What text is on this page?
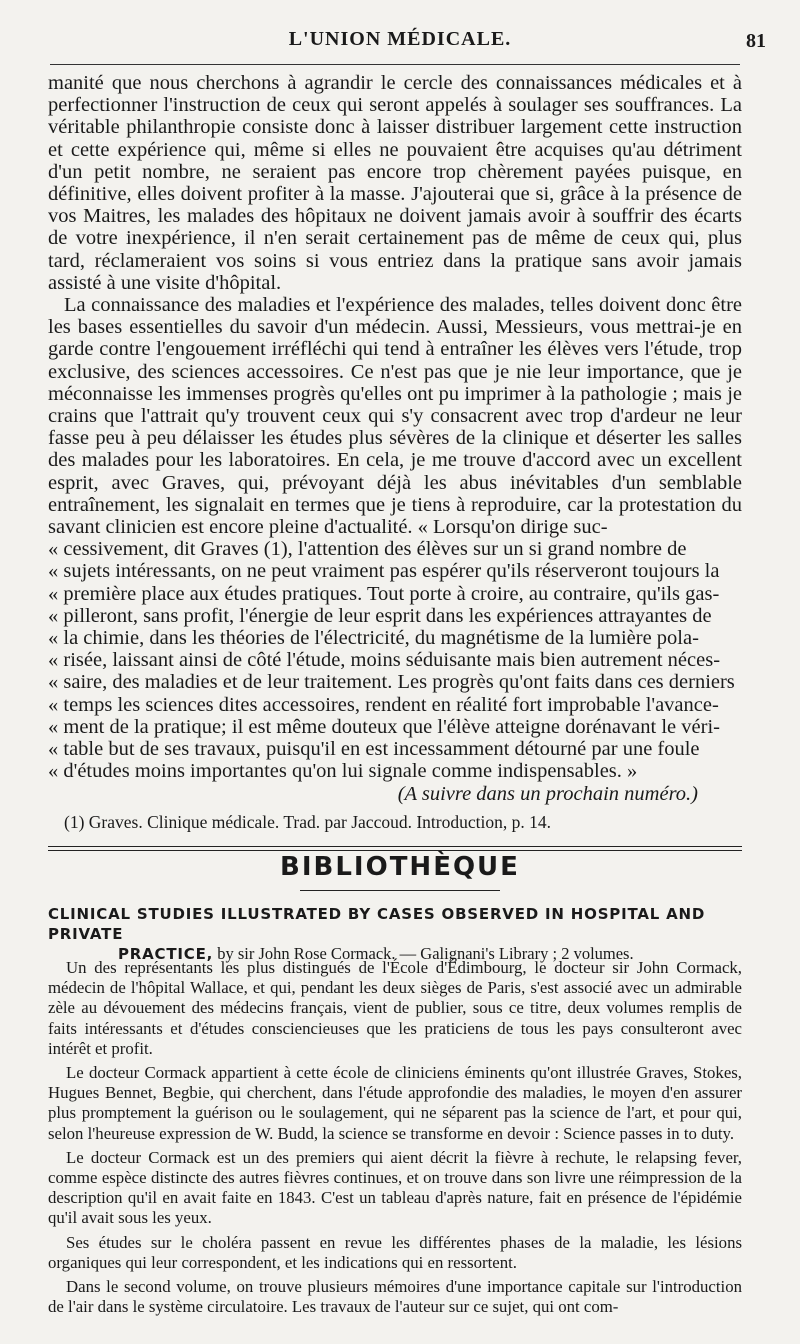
L'UNION MÉDICALE.	81

manité que nous cherchons à agrandir le cercle des connaissances médicales et à perfectionner l'instruction de ceux qui seront appelés à soulager ses souffrances. La véritable philanthropie consiste donc à laisser distribuer largement cette instruction et cette expérience qui, même si elles ne pouvaient être acquises qu'au détriment d'un petit nombre, ne seraient pas encore trop chèrement payées puisque, en définitive, elles doivent profiter à la masse. J'ajouterai que si, grâce à la présence de vos Maitres, les malades des hôpitaux ne doivent jamais avoir à souffrir des écarts de votre inexpérience, il n'en serait certainement pas de même de ceux qui, plus tard, réclameraient vos soins si vous entriez dans la pratique sans avoir jamais assisté à une visite d'hôpital.

La connaissance des maladies et l'expérience des malades, telles doivent donc être les bases essentielles du savoir d'un médecin. Aussi, Messieurs, vous mettrai-je en garde contre l'engouement irréfléchi qui tend à entraîner les élèves vers l'étude, trop exclusive, des sciences accessoires. Ce n'est pas que je nie leur importance, que je méconnaisse les immenses progrès qu'elles ont pu imprimer à la pathologie ; mais je crains que l'attrait qu'y trouvent ceux qui s'y consacrent avec trop d'ardeur ne leur fasse peu à peu délaisser les études plus sévères de la clinique et déserter les salles des malades pour les laboratoires. En cela, je me trouve d'accord avec un excellent esprit, avec Graves, qui, prévoyant déjà les abus inévitables d'un semblable entraînement, les signalait en termes que je tiens à reproduire, car la protestation du savant clinicien est encore pleine d'actualité. « Lorsqu'on dirige suc-

« cessivement, dit Graves (1), l'attention des élèves sur un si grand nombre de
« sujets intéressants, on ne peut vraiment pas espérer qu'ils réserveront toujours la
« première place aux études pratiques. Tout porte à croire, au contraire, qu'ils gas-
« pilleront, sans profit, l'énergie de leur esprit dans les expériences attrayantes de
« la chimie, dans les théories de l'électricité, du magnétisme de la lumière pola-
« risée, laissant ainsi de côté l'étude, moins séduisante mais bien autrement néces-
« saire, des maladies et de leur traitement. Les progrès qu'ont faits dans ces derniers
« temps les sciences dites accessoires, rendent en réalité fort improbable l'avance-
« ment de la pratique; il est même douteux que l'élève atteigne dorénavant le véri-
« table but de ses travaux, puisqu'il en est incessamment détourné par une foule
« d'études moins importantes qu'on lui signale comme indispensables. »

(A suivre dans un prochain numéro.)

(1) Graves. Clinique médicale. Trad. par Jaccoud. Introduction, p. 14.
BIBLIOTHÈQUE
CLINICAL STUDIES ILLUSTRATED BY CASES OBSERVED IN HOSPITAL AND PRIVATE
PRACTICE, by sir John Rose Cormack. — Galignani's Library ; 2 volumes.

Un des représentants les plus distingués de l'École d'Édimbourg, le docteur sir John Cormack, médecin de l'hôpital Wallace, et qui, pendant les deux sièges de Paris, s'est associé avec un admirable zèle au dévouement des médecins français, vient de publier, sous ce titre, deux volumes remplis de faits intéressants et d'études consciencieuses que les praticiens de tous les pays consulteront avec intérêt et profit.

Le docteur Cormack appartient à cette école de cliniciens éminents qu'ont illustrée Graves, Stokes, Hugues Bennet, Begbie, qui cherchent, dans l'étude approfondie des maladies, le moyen d'en assurer plus promptement la guérison ou le soulagement, qui ne séparent pas la science de l'art, et pour qui, selon l'heureuse expression de W. Budd, la science se transforme en devoir : Science passes in to duty.

Le docteur Cormack est un des premiers qui aient décrit la fièvre à rechute, le relapsing fever, comme espèce distincte des autres fièvres continues, et on trouve dans son livre une réimpression de la description qu'il en avait faite en 1843. C'est un tableau d'après nature, fait en présence de l'épidémie qu'il avait sous les yeux.

Ses études sur le choléra passent en revue les différentes phases de la maladie, les lésions organiques qui leur correspondent, et les indications qui en ressortent.

Dans le second volume, on trouve plusieurs mémoires d'une importance capitale sur l'introduction de l'air dans le système circulatoire. Les travaux de l'auteur sur ce sujet, qui ont com-
